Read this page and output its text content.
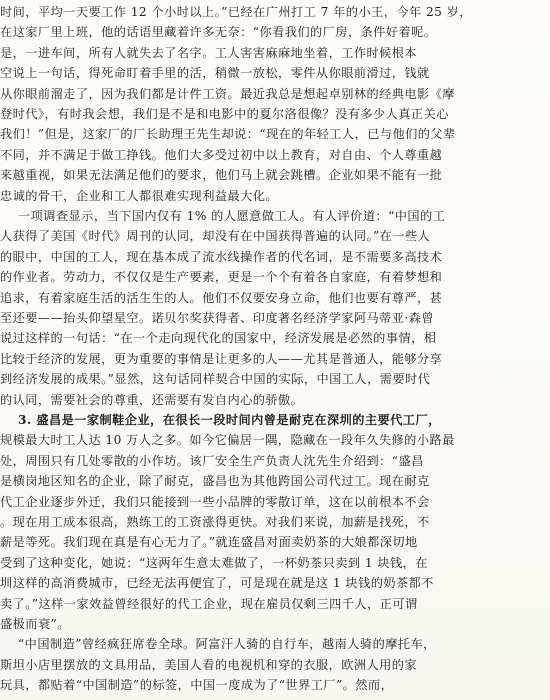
时间，平均一天要工作 12 个小时以上。”已经在广州打工 7 年的小王，今年 25 岁，
在这家厂里上班，他的话语里藏着许多无奈：“你看我们的厂房，条件好着呢。
是，一进车间，所有人就失去了名字。工人害害麻麻地坐着，工作时候根本
空说上一句话，得死命盯着手里的活，稍微一放松，零件从你眼前滑过，钱就
从你眼前溜走了，因为我们都是计件工资。最近我总是想起卓别林的经典电影《摩
登时代》，有时我会想，我们是不是和电影中的夏尔洛很像？没有多少人真正关心
我们！”但是，这家厂的厂长助理王先生却说：“现在的年轻工人，已与他们的父辈
不同，并不满足于做工挣钱。他们大多受过初中以上教育，对自由、个人尊重越
来越重视，如果无法满足他们的要求，他们马上就会跳槽。企业如果不能有一批
忠诚的骨干，企业和工人都很难实现利益最大化。
一项调查显示，当下国内仅有 1% 的人愿意做工人。有人评价道：“中国的工
人获得了美国《时代》周刊的认同，却没有在中国获得普遍的认同。”在一些人
的眼中，中国的工人，现在基本成了流水线操作者的代名词，是不需要多高技术
的作业者。劳动力，不仅仅是生产要素，更是一个个有着各自家庭，有着梦想和
追求，有着家庭生活的活生生的人。他们不仅要安身立命，他们也要有尊严，甚
至还要——抬头仰望星空。诺贝尔奖获得者、印度著名经济学家阿马蒂亚·森曾
说过这样的一句话：“在一个走向现代化的国家中，经济发展是必然的事情，相
比较于经济的发展，更为重要的事情是让更多的人——尤其是普通人，能够分享
到经济发展的成果。”显然，这句话同样契合中国的实际，中国工人，需要时代
的认同，需要社会的尊重，还需要有发自内心的骄傲。
3. 盛昌是一家制鞋企业，在很长一段时间内曾是耐克在深圳的主要代工厂，
规模最大时工人达 10 万人之多。如今它偏居一隅，隐藏在一段年久失修的小路最
处，周围只有几处零散的小作坊。该厂安全生产负责人沈先生介绍到：“盛昌
是横岗地区知名的企业，除了耐克，盛昌也为其他跨国公司代过工。现在耐克
代工企业逐步外迁，我们只能接到一些小品牌的零散订单，这在以前根本不会
。现在用工成本很高，熟练工的工资涨得更快。对我们来说，加薪是找死，不
薪是等死。我们现在真是有心无力了。”就连盛昌对面卖奶茶的大娘都深切地
受到了这种变化，她说：“这两年生意太难做了，一杯奶茶只卖到 1 块钱，在
圳这样的高消费城市，已经无法再便宜了，可是现在就是这 1 块钱的奶茶都不
卖了。”这样一家效益曾经很好的代工企业，现在雇员仅剩三四千人，正可谓
盛极而衰”。
“中国制造”曾经疯狂席卷全球。阿富汗人骑的自行车，越南人骑的摩托车，
斯坦小店里摆放的文具用品，美国人看的电视机和穿的衣服，欧洲人用的家
玩具，都贴着“中国制造”的标签，中国一度成为了“世界工厂”。然而，
